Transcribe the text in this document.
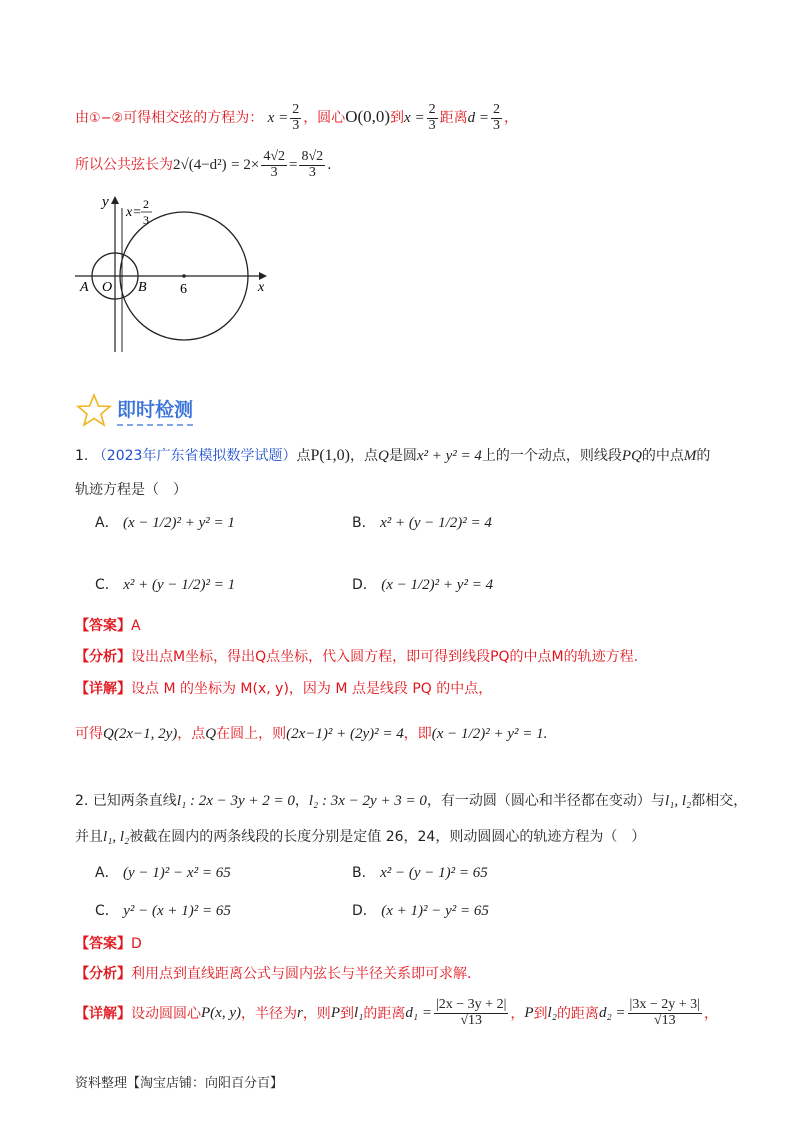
由①−②可得相交弦的方程为： $x = \frac{2}{3}$ ，圆心O(0,0)到$x = \frac{2}{3}$ 距离$d = \frac{2}{3}$ ，
所以公共弦长为$2√(4-d^2) = 2\times \frac{4√2}{3} = \frac{8√2}{3}$ .
y
x=
2
3
A O B 6	x
即时检测
1. （2023年广东省模拟数学试题）点P(1,0)，点Q是圆x² + y² = 4上的一个动点，则线段PQ的中点M的
轨迹方程是（　）
A． (x − 1/2)² + y² = 1	B． x² + (y − 1/2)² = 4
C． x² + (y − 1/2)² = 1	D． (x − 1/2)² + y² = 4
【答案】A
【分析】设出点M坐标，得出Q点坐标，代入圆方程，即可得到线段PQ的中点M的轨迹方程.
【详解】设点 M 的坐标为 M(x, y)，因为 M 点是线段 PQ 的中点，
可得Q(2x−1, 2y)，点Q在圆上，则(2x−1)² + (2y)² = 4，即(x − 1/2)² + y² = 1.
2. 已知两条直线l₁ : 2x − 3y + 2 = 0，l₂ : 3x − 2y + 3 = 0，有一动圆（圆心和半径都在变动）与l₁, l₂都相交，
并且l₁, l₂被截在圆内的两条线段的长度分别是定值 26，24，则动圆圆心的轨迹方程为（　）
A． (y − 1)² − x² = 65	B． x² − (y − 1)² = 65
C． y² − (x + 1)² = 65	D． (x + 1)² − y² = 65
【答案】D
【分析】利用点到直线距离公式与圆内弦长与半径关系即可求解.
【详解】 设动圆圆心 P(x, y) ，半径为 r ，则 P 到 l₁ 的距离 $d_1 = \frac{|2x - 3y + 2|}{√13}$ ， P 到 l₂ 的距离 $d_2 = \frac{|3x - 2y + 3|}{√13}$ ，
资料整理【淘宝店铺：向阳百分百】
